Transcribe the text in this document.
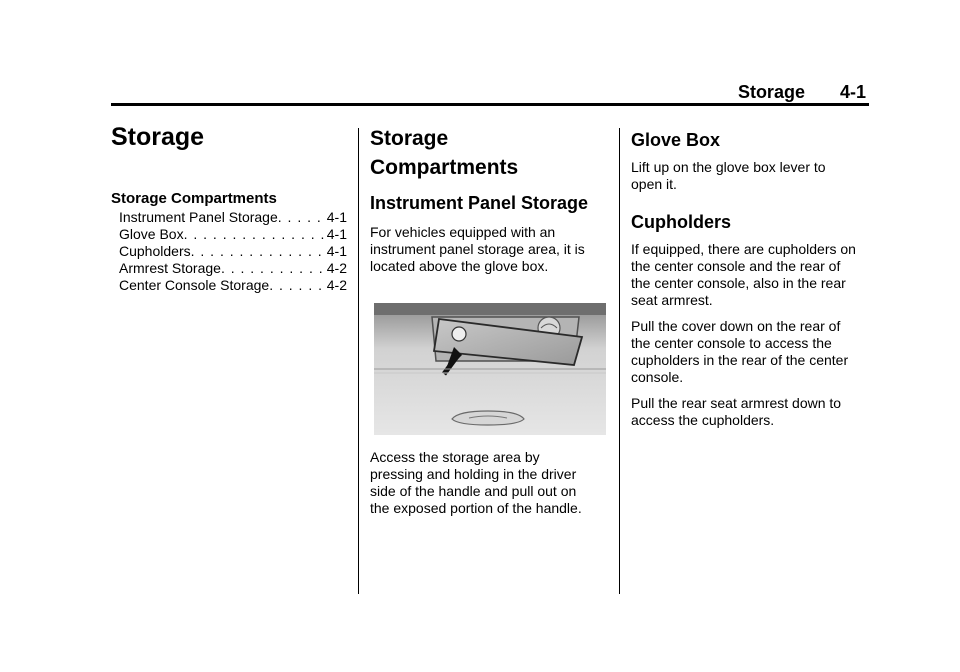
Storage 4-1
Storage
Storage Compartments
Instrument Panel Storage . . .	4-1
Glove Box . . .	4-1
Cupholders . . .	4-1
Armrest Storage . . .	4-2
Center Console Storage . . .	4-2
Storage
Compartments
Instrument Panel Storage

For vehicles equipped with an
instrument panel storage area, it is
located above the glove box.

Access the storage area by
pressing and holding in the driver
side of the handle and pull out on
the exposed portion of the handle.

Glove Box

Lift up on the glove box lever to
open it.

Cupholders

If equipped, there are cupholders on
the center console and the rear of
the center console, also in the rear
seat armrest.

Pull the cover down on the rear of
the center console to access the
cupholders in the rear of the center
console.

Pull the rear seat armrest down to
access the cupholders.
